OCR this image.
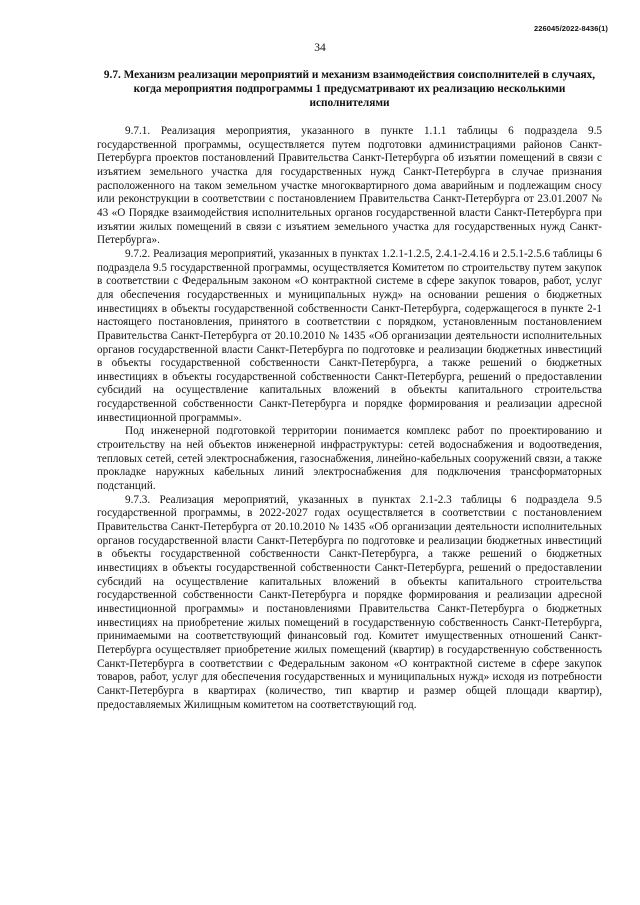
226045/2022-8436(1)
34
9.7. Механизм реализации мероприятий и механизм взаимодействия соисполнителей в случаях, когда мероприятия подпрограммы 1 предусматривают их реализацию несколькими исполнителями

9.7.1. Реализация мероприятия, указанного в пункте 1.1.1 таблицы 6 подраздела 9.5 государственной программы, осуществляется путем подготовки администрациями районов Санкт-Петербурга проектов постановлений Правительства Санкт-Петербурга об изъятии помещений в связи с изъятием земельного участка для государственных нужд Санкт-Петербурга в случае признания расположенного на таком земельном участке многоквартирного дома аварийным и подлежащим сносу или реконструкции в соответствии с постановлением Правительства Санкт-Петербурга от 23.01.2007 № 43 «О Порядке взаимодействия исполнительных органов государственной власти Санкт-Петербурга при изъятии жилых помещений в связи с изъятием земельного участка для государственных нужд Санкт-Петербурга».

9.7.2. Реализация мероприятий, указанных в пунктах 1.2.1-1.2.5, 2.4.1-2.4.16 и 2.5.1-2.5.6 таблицы 6 подраздела 9.5 государственной программы, осуществляется Комитетом по строительству путем закупок в соответствии с Федеральным законом «О контрактной системе в сфере закупок товаров, работ, услуг для обеспечения государственных и муниципальных нужд» на основании решения о бюджетных инвестициях в объекты государственной собственности Санкт-Петербурга, содержащегося в пункте 2-1 настоящего постановления, принятого в соответствии с порядком, установленным постановлением Правительства Санкт-Петербурга от 20.10.2010 № 1435 «Об организации деятельности исполнительных органов государственной власти Санкт-Петербурга по подготовке и реализации бюджетных инвестиций в объекты государственной собственности Санкт-Петербурга, а также решений о бюджетных инвестициях в объекты государственной собственности Санкт-Петербурга, решений о предоставлении субсидий на осуществление капитальных вложений в объекты капитального строительства государственной собственности Санкт-Петербурга и порядке формирования и реализации адресной инвестиционной программы».

Под инженерной подготовкой территории понимается комплекс работ по проектированию и строительству на ней объектов инженерной инфраструктуры: сетей водоснабжения и водоотведения, тепловых сетей, сетей электроснабжения, газоснабжения, линейно-кабельных сооружений связи, а также прокладке наружных кабельных линий электроснабжения для подключения трансформаторных подстанций.

9.7.3. Реализация мероприятий, указанных в пунктах 2.1-2.3 таблицы 6 подраздела 9.5 государственной программы, в 2022-2027 годах осуществляется в соответствии с постановлением Правительства Санкт-Петербурга от 20.10.2010 № 1435 «Об организации деятельности исполнительных органов государственной власти Санкт-Петербурга по подготовке и реализации бюджетных инвестиций в объекты государственной собственности Санкт-Петербурга, а также решений о бюджетных инвестициях в объекты государственной собственности Санкт-Петербурга, решений о предоставлении субсидий на осуществление капитальных вложений в объекты капитального строительства государственной собственности Санкт-Петербурга и порядке формирования и реализации адресной инвестиционной программы» и постановлениями Правительства Санкт-Петербурга о бюджетных инвестициях на приобретение жилых помещений в государственную собственность Санкт-Петербурга, принимаемыми на соответствующий финансовый год. Комитет имущественных отношений Санкт-Петербурга осуществляет приобретение жилых помещений (квартир) в государственную собственность Санкт-Петербурга в соответствии с Федеральным законом «О контрактной системе в сфере закупок товаров, работ, услуг для обеспечения государственных и муниципальных нужд» исходя из потребности Санкт-Петербурга в квартирах (количество, тип квартир и размер общей площади квартир), предоставляемых Жилищным комитетом на соответствующий год.
